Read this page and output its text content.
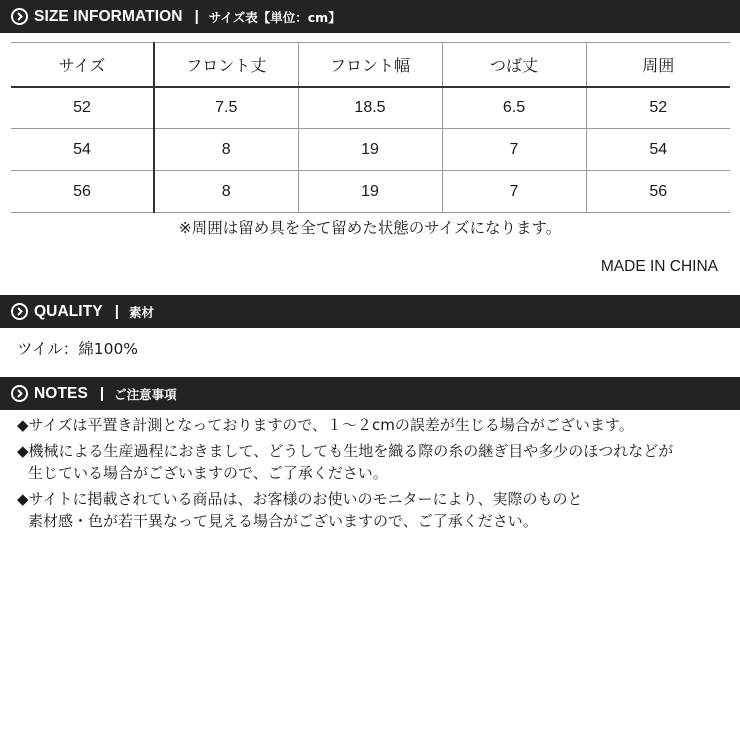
SIZE INFORMATION | サイズ表【単位：cm】
サイズ	フロント丈	フロント幅	つば丈	周囲
52	7.5	18.5	6.5	52
54	8	19	7	54
56	8	19	7	56
※周囲は留め具を全て留めた状態のサイズになります。
MADE IN CHINA
QUALITY | 素材
ツイル：綿100%
NOTES | ご注意事項
◆サイズは平置き計測となっておりますので、１～２cmの誤差が生じる場合がございます。
◆機械による生産過程におきまして、どうしても生地を織る際の糸の継ぎ目や多少のほつれなどが
生じている場合がございますので、ご了承ください。
◆サイトに掲載されている商品は、お客様のお使いのモニターにより、実際のものと
素材感・色が若干異なって見える場合がございますので、ご了承ください。
